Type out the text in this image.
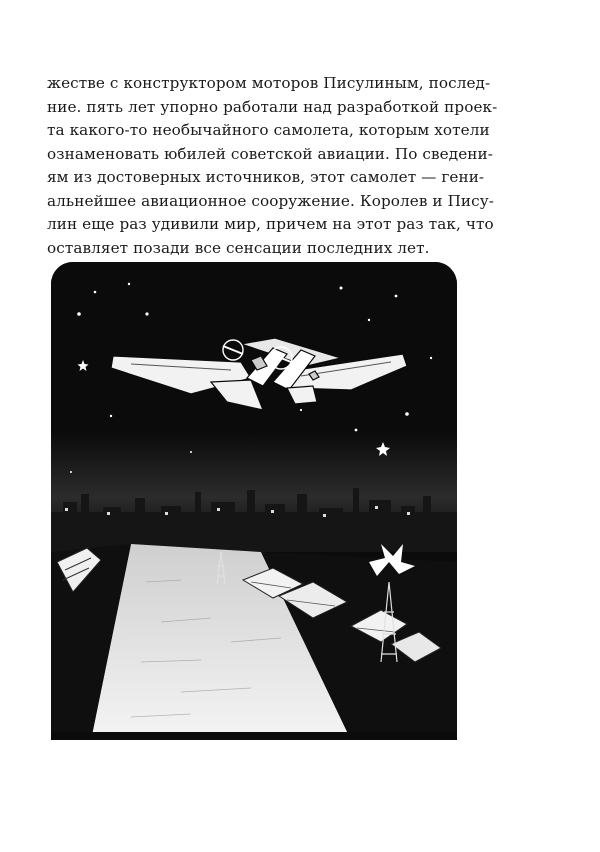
жестве с конструктором моторов Писулиным, послед-
ние. пять лет упорно работали над разработкой проек-
та какого-то необычайного самолета, которым хотели
ознаменовать юбилей советской авиации. По сведени-
ям из достоверных источников, этот самолет — гени-
альнейшее авиационное сооружение. Королев и Пису-
лин еще раз удивили мир, причем на этот раз так, что
оставляет позади все сенсации последних лет.
